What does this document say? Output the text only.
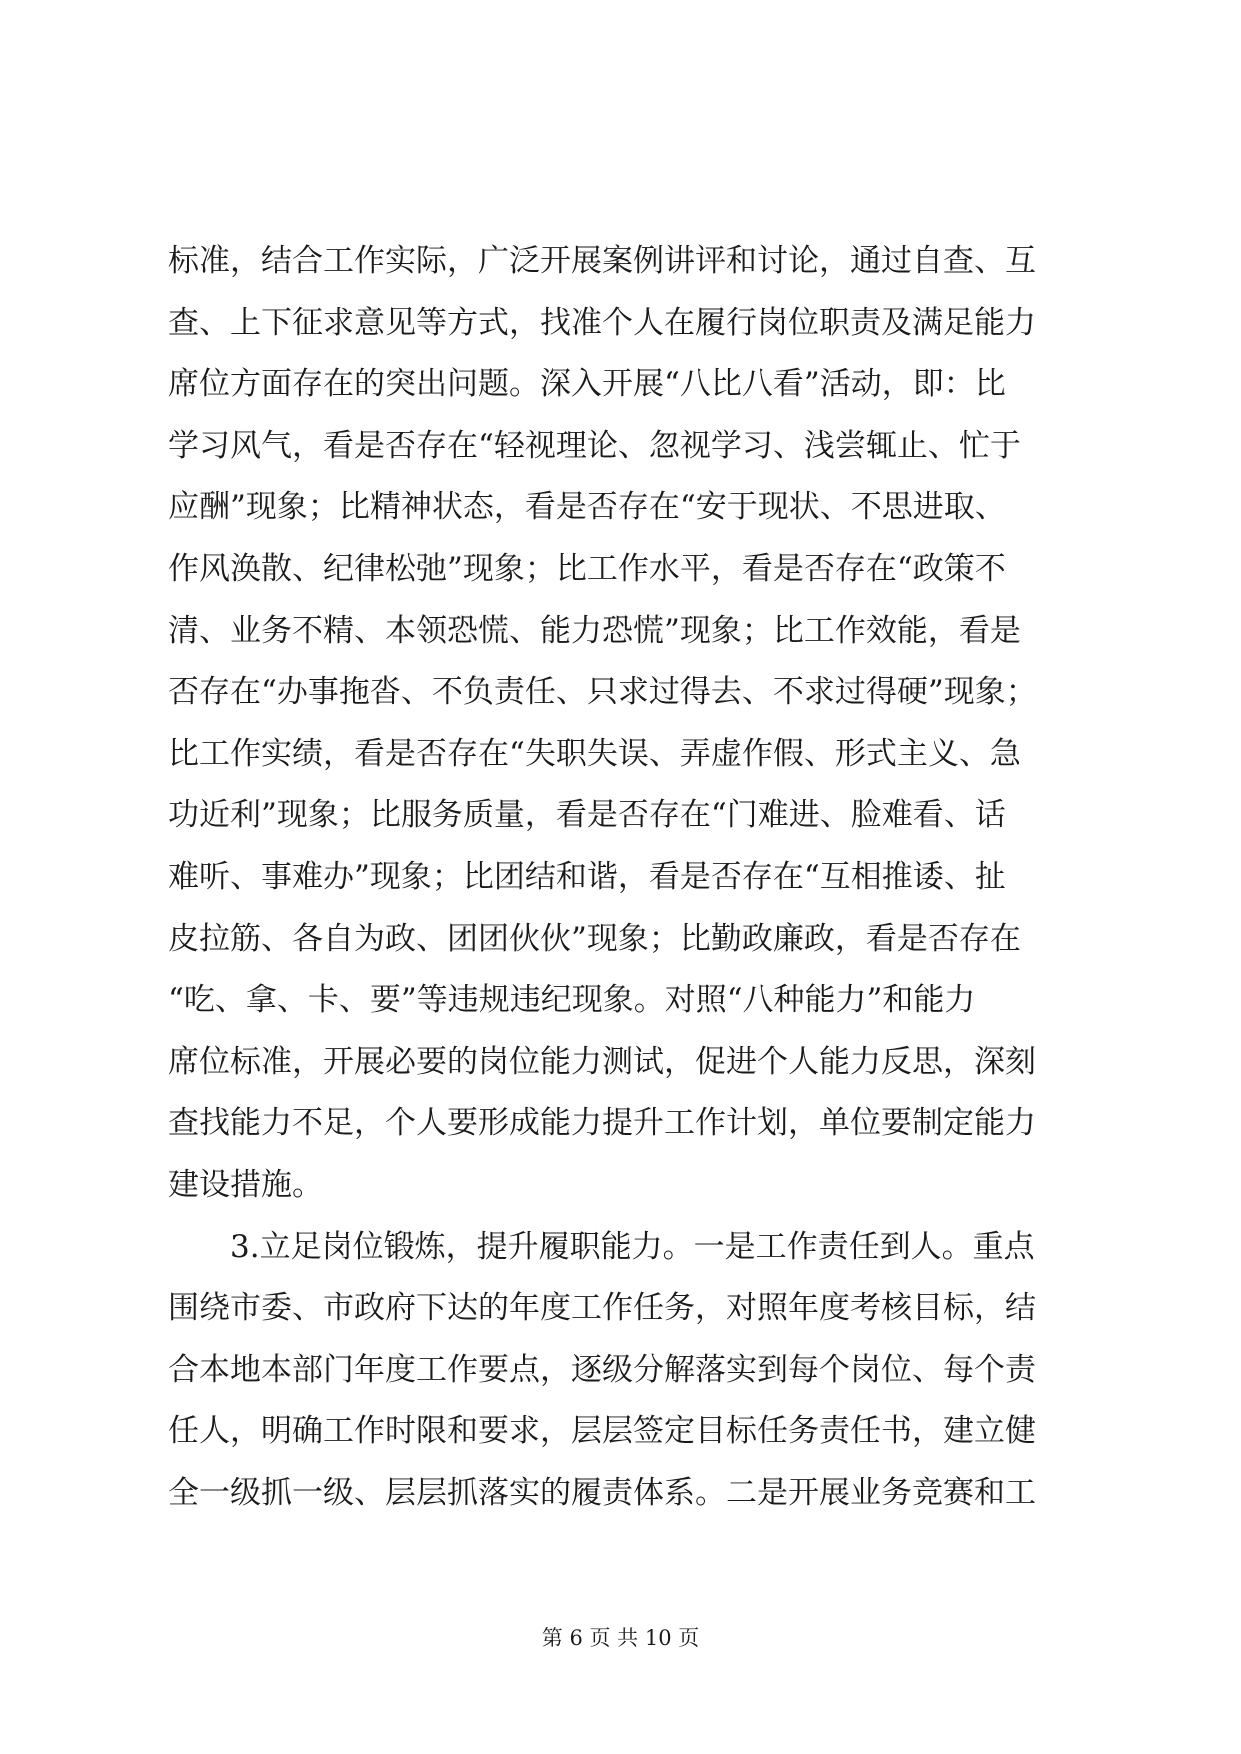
标准，结合工作实际，广泛开展案例讲评和讨论，通过自查、互
查、上下征求意见等方式，找准个人在履行岗位职责及满足能力
席位方面存在的突出问题。深入开展“八比八看”活动，即：比
学习风气，看是否存在“轻视理论、忽视学习、浅尝辄止、忙于
应酬”现象；比精神状态，看是否存在“安于现状、不思进取、
作风涣散、纪律松弛”现象；比工作水平，看是否存在“政策不
清、业务不精、本领恐慌、能力恐慌”现象；比工作效能，看是
否存在“办事拖沓、不负责任、只求过得去、不求过得硬”现象；
比工作实绩，看是否存在“失职失误、弄虚作假、形式主义、急
功近利”现象；比服务质量，看是否存在“门难进、脸难看、话
难听、事难办”现象；比团结和谐，看是否存在“互相推诿、扯
皮拉筋、各自为政、团团伙伙”现象；比勤政廉政，看是否存在
“吃、拿、卡、要”等违规违纪现象。对照“八种能力”和能力
席位标准，开展必要的岗位能力测试，促进个人能力反思，深刻
查找能力不足，个人要形成能力提升工作计划，单位要制定能力
建设措施。
3.立足岗位锻炼，提升履职能力。一是工作责任到人。重点
围绕市委、市政府下达的年度工作任务，对照年度考核目标，结
合本地本部门年度工作要点，逐级分解落实到每个岗位、每个责
任人，明确工作时限和要求，层层签定目标任务责任书，建立健
全一级抓一级、层层抓落实的履责体系。二是开展业务竞赛和工
第 6 页 共 10 页
